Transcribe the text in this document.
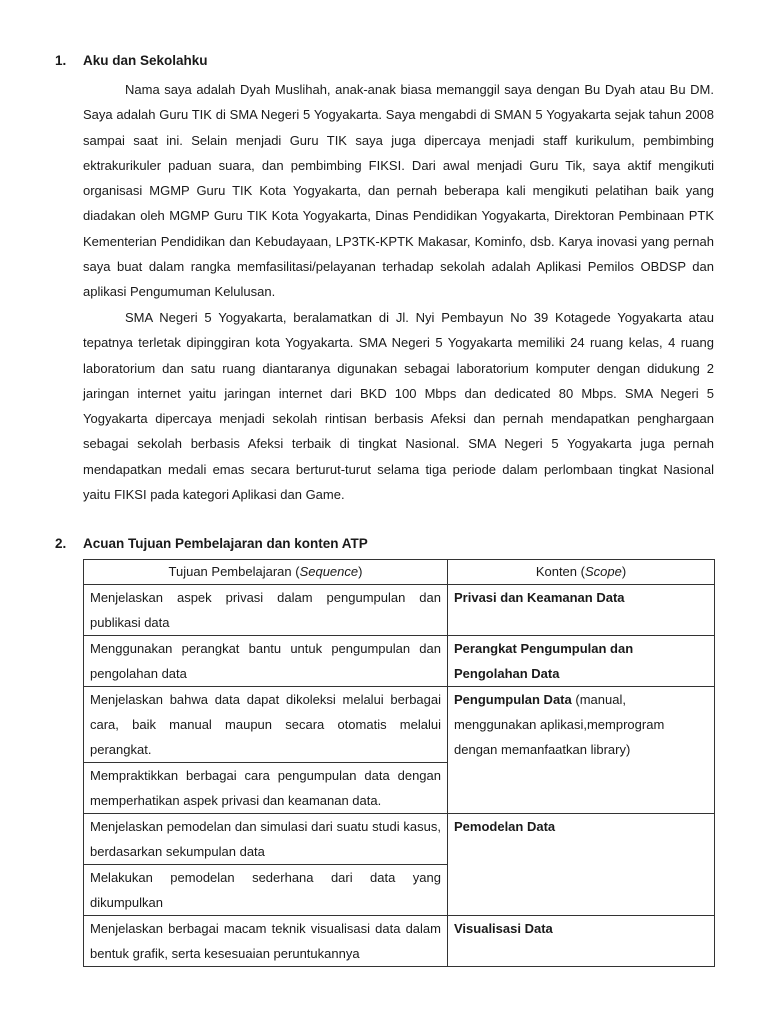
1. Aku dan Sekolahku

Nama saya adalah Dyah Muslihah, anak-anak biasa memanggil saya dengan Bu Dyah atau Bu DM. Saya adalah Guru TIK di SMA Negeri 5 Yogyakarta. Saya mengabdi di SMAN 5 Yogyakarta sejak tahun 2008 sampai saat ini. Selain menjadi Guru TIK saya juga dipercaya menjadi staff kurikulum, pembimbing ektrakurikuler paduan suara, dan pembimbing FIKSI. Dari awal menjadi Guru Tik, saya aktif mengikuti organisasi MGMP Guru TIK Kota Yogyakarta, dan pernah beberapa kali mengikuti pelatihan baik yang diadakan oleh MGMP Guru TIK Kota Yogyakarta, Dinas Pendidikan Yogyakarta, Direktoran Pembinaan PTK Kementerian Pendidikan dan Kebudayaan, LP3TK-KPTK Makasar, Kominfo, dsb. Karya inovasi yang pernah saya buat dalam rangka memfasilitasi/pelayanan terhadap sekolah adalah Aplikasi Pemilos OBDSP dan aplikasi Pengumuman Kelulusan.

SMA Negeri 5 Yogyakarta, beralamatkan di Jl. Nyi Pembayun No 39 Kotagede Yogyakarta atau tepatnya terletak dipinggiran kota Yogyakarta. SMA Negeri 5 Yogyakarta memiliki 24 ruang kelas, 4 ruang laboratorium dan satu ruang diantaranya digunakan sebagai laboratorium komputer dengan didukung 2 jaringan internet yaitu jaringan internet dari BKD 100 Mbps dan dedicated 80 Mbps. SMA Negeri 5 Yogyakarta dipercaya menjadi sekolah rintisan berbasis Afeksi dan pernah mendapatkan penghargaan sebagai sekolah berbasis Afeksi terbaik di tingkat Nasional. SMA Negeri 5 Yogyakarta juga pernah mendapatkan medali emas secara berturut-turut selama tiga periode dalam perlombaan tingkat Nasional yaitu FIKSI pada kategori Aplikasi dan Game.

2. Acuan Tujuan Pembelajaran dan konten ATP
Tujuan Pembelajaran (Sequence)	Konten (Scope)
Menjelaskan aspek privasi dalam pengumpulan dan publikasi data	Privasi dan Keamanan Data
Menggunakan perangkat bantu untuk pengumpulan dan pengolahan data	Perangkat Pengumpulan dan Pengolahan Data
Menjelaskan bahwa data dapat dikoleksi melalui berbagai cara, baik manual maupun secara otomatis melalui perangkat.	Pengumpulan Data (manual, menggunakan aplikasi,memprogram dengan memanfaatkan library)
Mempraktikkan berbagai cara pengumpulan data dengan memperhatikan aspek privasi dan keamanan data.	
Menjelaskan pemodelan dan simulasi dari suatu studi kasus, berdasarkan sekumpulan data	Pemodelan Data
Melakukan pemodelan sederhana dari data yang dikumpulkan	
Menjelaskan berbagai macam teknik visualisasi data dalam bentuk grafik, serta kesesuaian peruntukannya	Visualisasi Data
